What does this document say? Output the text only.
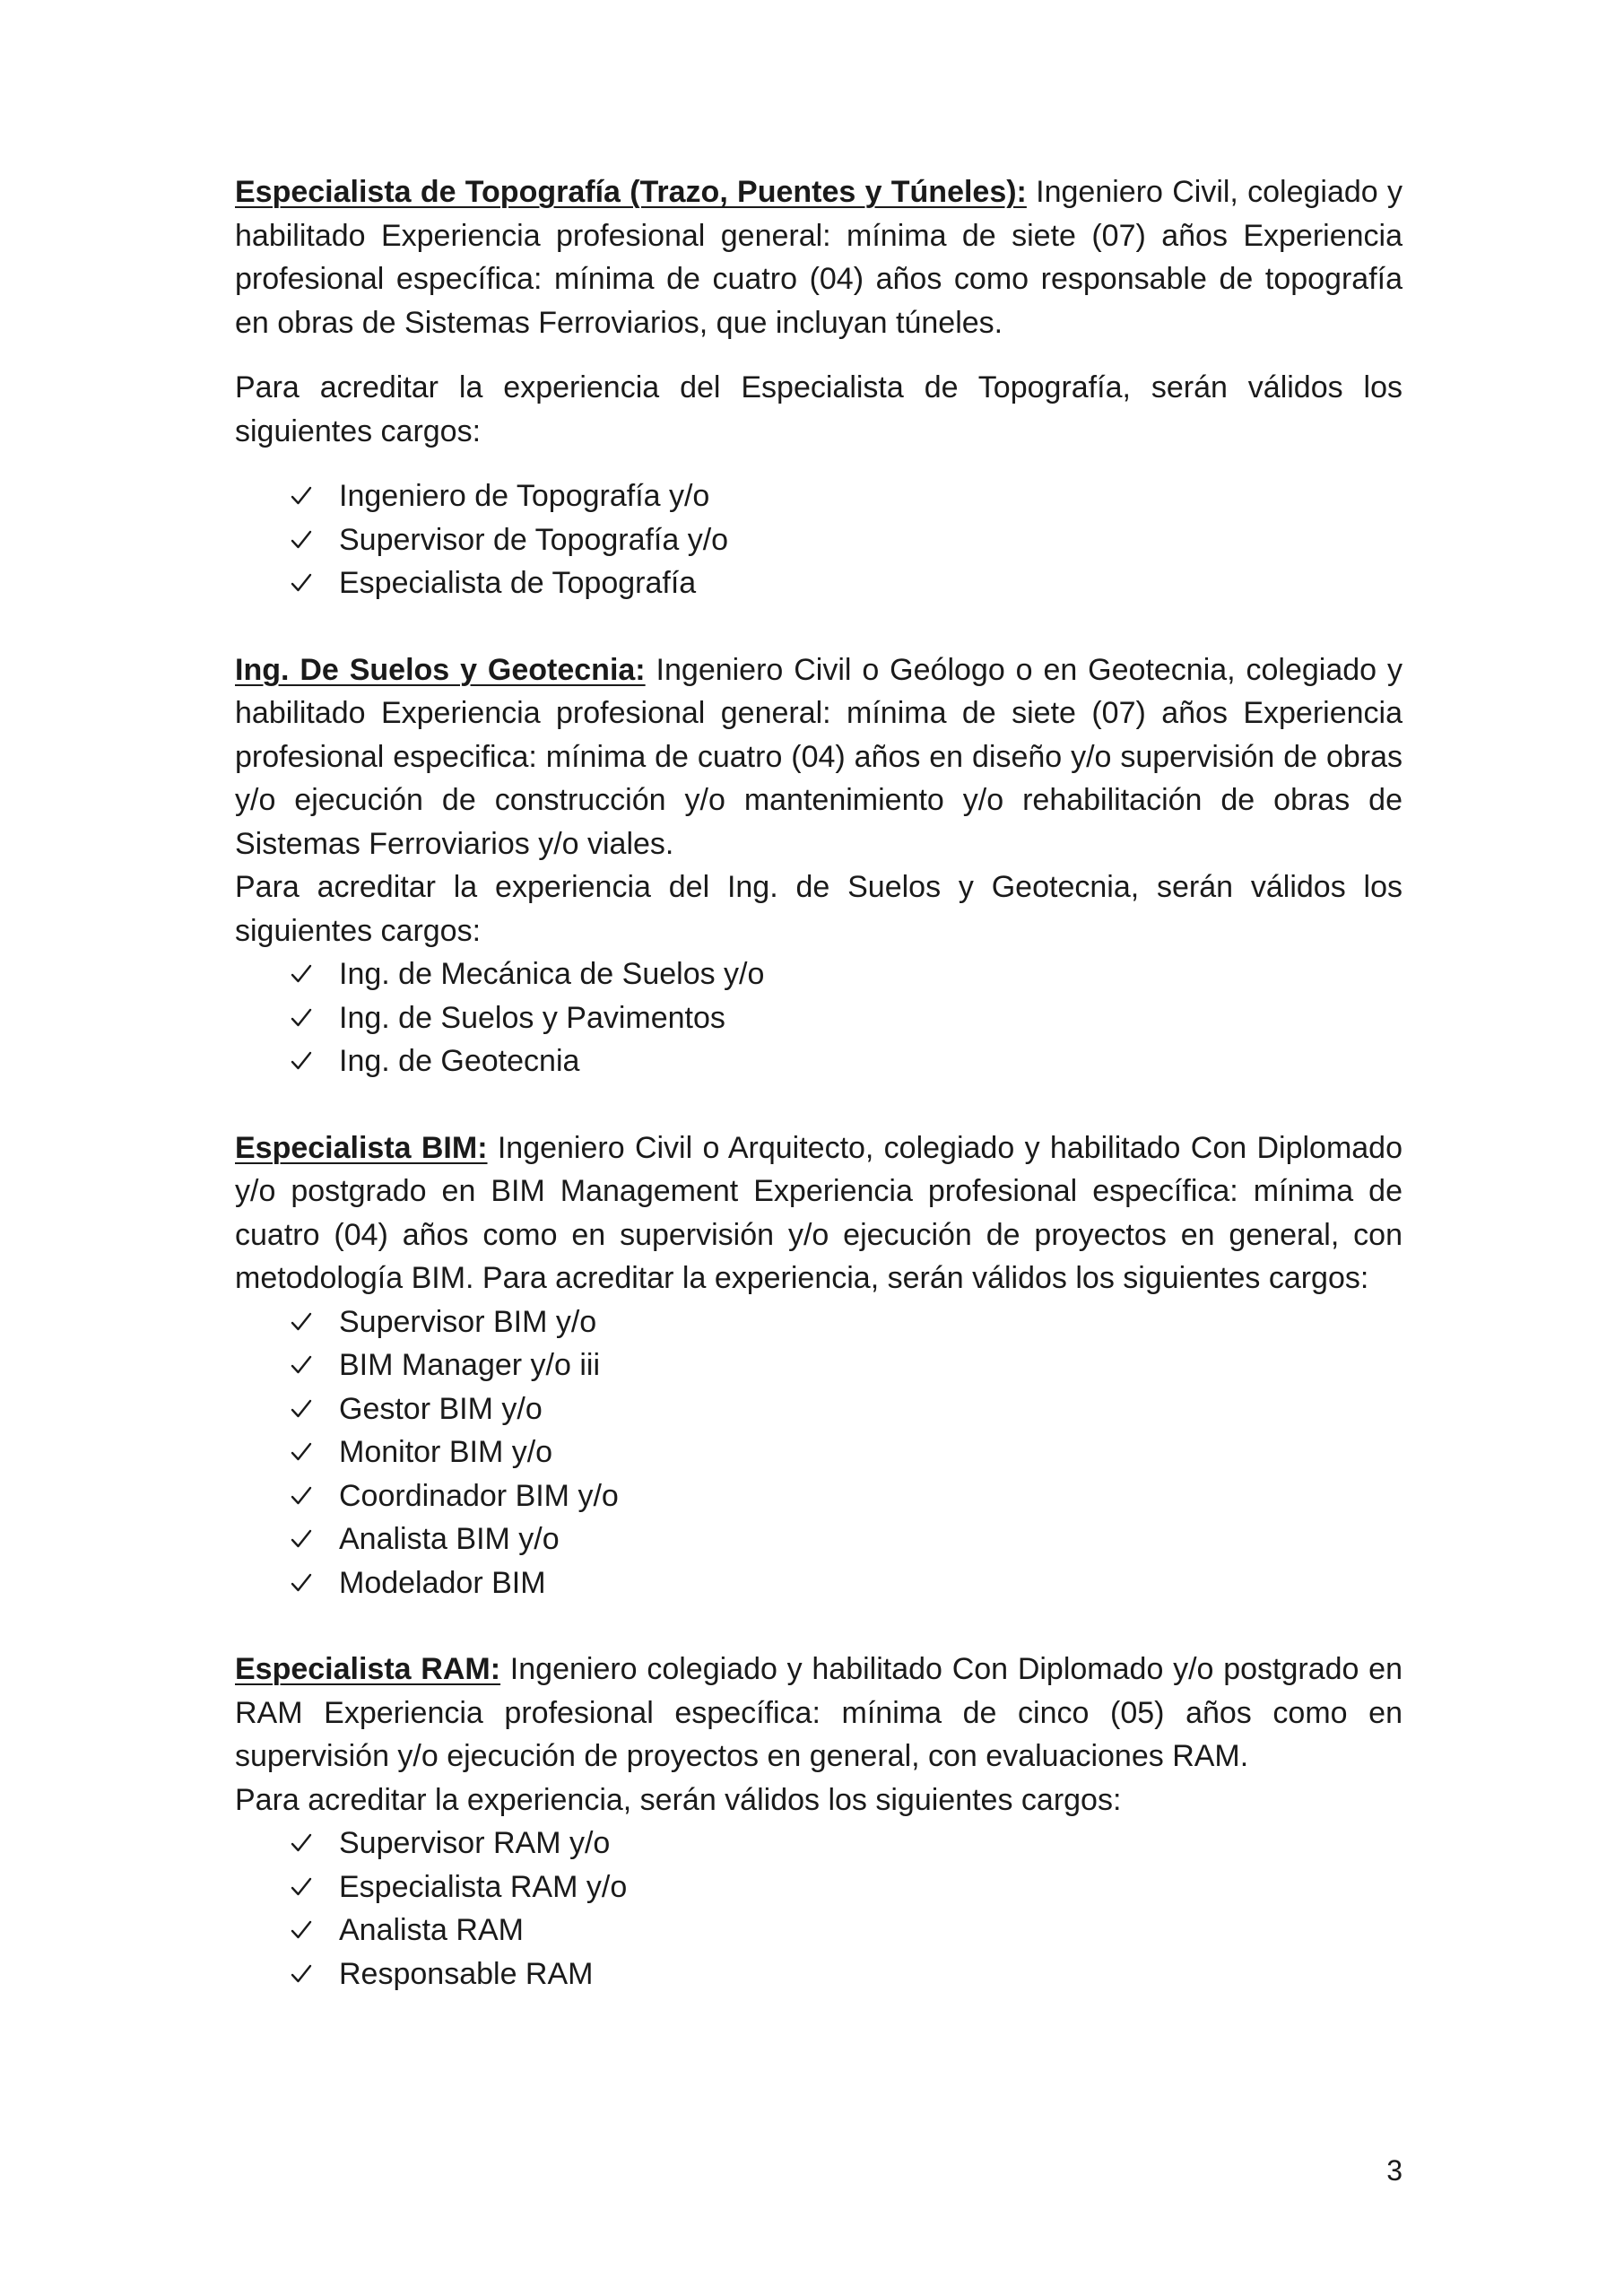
Especialista de Topografía (Trazo, Puentes y Túneles): Ingeniero Civil, colegiado y habilitado Experiencia profesional general: mínima de siete (07) años Experiencia profesional específica: mínima de cuatro (04) años como responsable de topografía en obras de Sistemas Ferroviarios, que incluyan túneles.

Para acreditar la experiencia del Especialista de Topografía, serán válidos los siguientes cargos:

Ingeniero de Topografía y/o
Supervisor de Topografía y/o
Especialista de Topografía

Ing. De Suelos y Geotecnia: Ingeniero Civil o Geólogo o en Geotecnia, colegiado y habilitado Experiencia profesional general: mínima de siete (07) años Experiencia profesional especifica: mínima de cuatro (04) años en diseño y/o supervisión de obras y/o ejecución de construcción y/o mantenimiento y/o rehabilitación de obras de Sistemas Ferroviarios y/o viales.

Para acreditar la experiencia del Ing. de Suelos y Geotecnia, serán válidos los siguientes cargos:

Ing. de Mecánica de Suelos y/o
Ing. de Suelos y Pavimentos
Ing. de Geotecnia

Especialista BIM: Ingeniero Civil o Arquitecto, colegiado y habilitado Con Diplomado y/o postgrado en BIM Management Experiencia profesional específica: mínima de cuatro (04) años como en supervisión y/o ejecución de proyectos en general, con metodología BIM. Para acreditar la experiencia, serán válidos los siguientes cargos:

Supervisor BIM y/o
BIM Manager y/o iii
Gestor BIM y/o
Monitor BIM y/o
Coordinador BIM y/o
Analista BIM y/o
Modelador BIM

Especialista RAM: Ingeniero colegiado y habilitado Con Diplomado y/o postgrado en RAM Experiencia profesional específica: mínima de cinco (05) años como en supervisión y/o ejecución de proyectos en general, con evaluaciones RAM.

Para acreditar la experiencia, serán válidos los siguientes cargos:

Supervisor RAM y/o
Especialista RAM y/o
Analista RAM
Responsable RAM
3
